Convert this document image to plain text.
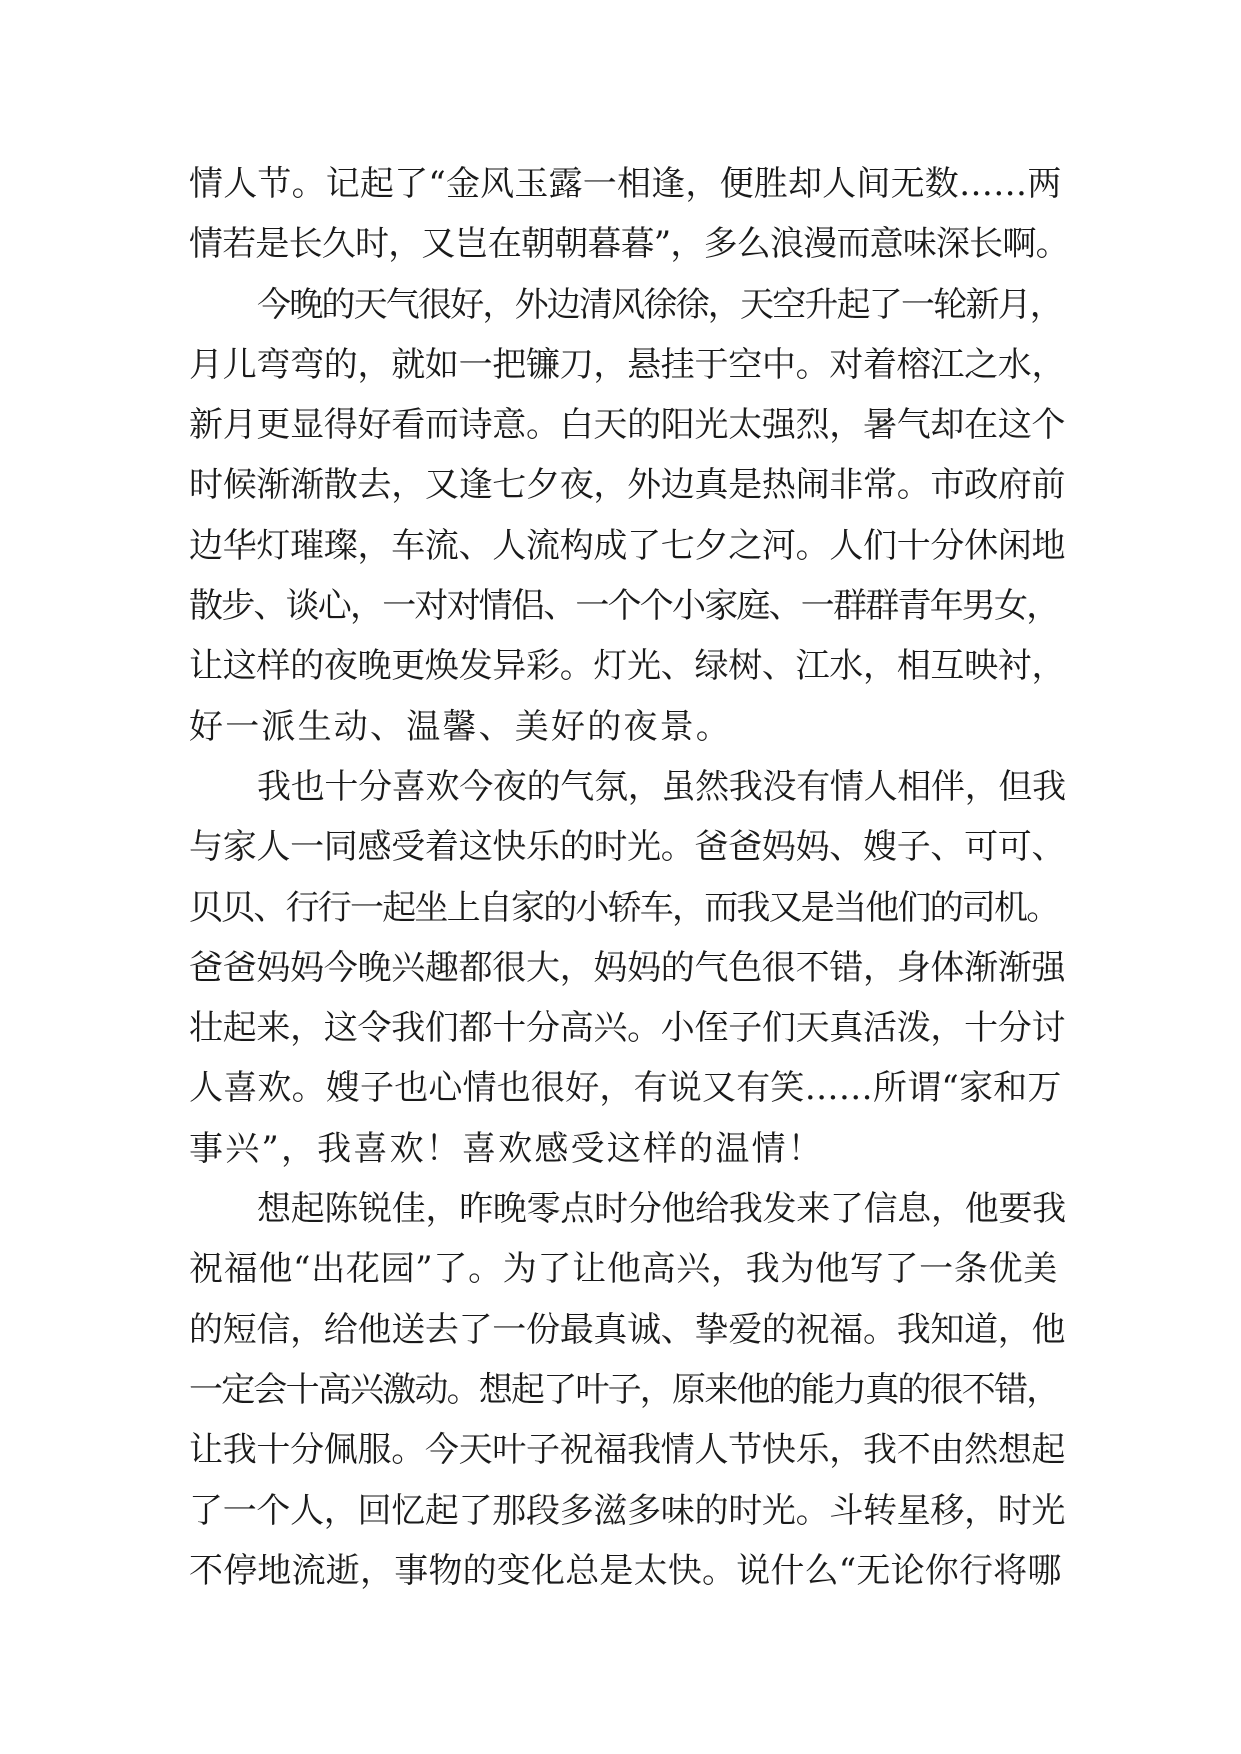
情人节。记起了“金风玉露一相逢，便胜却人间无数……两
情若是长久时，又岂在朝朝暮暮”，多么浪漫而意味深长啊。
今晚的天气很好，外边清风徐徐，天空升起了一轮新月，
月儿弯弯的，就如一把镰刀，悬挂于空中。对着榕江之水，
新月更显得好看而诗意。白天的阳光太强烈，暑气却在这个
时候渐渐散去，又逢七夕夜，外边真是热闹非常。市政府前
边华灯璀璨，车流、人流构成了七夕之河。人们十分休闲地
散步、谈心，一对对情侣、一个个小家庭、一群群青年男女，
让这样的夜晚更焕发异彩。灯光、绿树、江水，相互映衬，
好一派生动、温馨、美好的夜景。
我也十分喜欢今夜的气氛，虽然我没有情人相伴，但我
与家人一同感受着这快乐的时光。爸爸妈妈、嫂子、可可、
贝贝、行行一起坐上自家的小轿车，而我又是当他们的司机。
爸爸妈妈今晚兴趣都很大，妈妈的气色很不错，身体渐渐强
壮起来，这令我们都十分高兴。小侄子们天真活泼，十分讨
人喜欢。嫂子也心情也很好，有说又有笑……所谓“家和万
事兴”，我喜欢！喜欢感受这样的温情！
想起陈锐佳，昨晚零点时分他给我发来了信息，他要我
祝福他“出花园”了。为了让他高兴，我为他写了一条优美
的短信，给他送去了一份最真诚、挚爱的祝福。我知道，他
一定会十高兴激动。想起了叶子，原来他的能力真的很不错，
让我十分佩服。今天叶子祝福我情人节快乐，我不由然想起
了一个人，回忆起了那段多滋多味的时光。斗转星移，时光
不停地流逝，事物的变化总是太快。说什么“无论你行将哪
